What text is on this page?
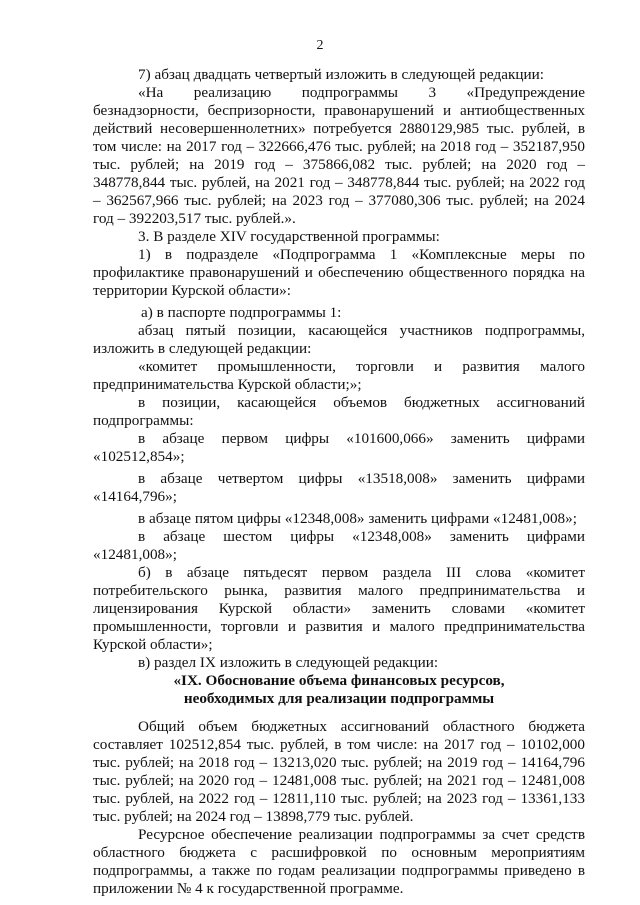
2

7) абзац двадцать четвертый изложить в следующей редакции:

«На реализацию подпрограммы 3 «Предупреждение безнадзорности, беспризорности, правонарушений и антиобщественных действий несовершеннолетних» потребуется 2880129,985 тыс. рублей, в том числе: на 2017 год – 322666,476 тыс. рублей; на 2018 год – 352187,950 тыс. рублей; на 2019 год – 375866,082 тыс. рублей; на 2020 год – 348778,844 тыс. рублей, на 2021 год – 348778,844 тыс. рублей; на 2022 год – 362567,966 тыс. рублей; на 2023 год – 377080,306 тыс. рублей; на 2024 год – 392203,517 тыс. рублей.».

3. В разделе XIV государственной программы:

1) в подразделе «Подпрограмма 1 «Комплексные меры по профилактике правонарушений и обеспечению общественного порядка на территории Курской области»:

а) в паспорте подпрограммы 1:

абзац пятый позиции, касающейся участников подпрограммы, изложить в следующей редакции:

«комитет промышленности, торговли и развития малого предпринимательства Курской области;»;

в позиции, касающейся объемов бюджетных ассигнований подпрограммы:

в абзаце первом цифры «101600,066» заменить цифрами «102512,854»;

в абзаце четвертом цифры «13518,008» заменить цифрами «14164,796»;

в абзаце пятом цифры «12348,008» заменить цифрами «12481,008»;

в абзаце шестом цифры «12348,008» заменить цифрами «12481,008»;

б) в абзаце пятьдесят первом раздела III слова «комитет потребительского рынка, развития малого предпринимательства и лицензирования Курской области» заменить словами «комитет промышленности, торговли и развития и малого предпринимательства Курской области»;

в) раздел IX изложить в следующей редакции:

«IX. Обоснование объема финансовых ресурсов,
необходимых для реализации подпрограммы

Общий объем бюджетных ассигнований областного бюджета составляет 102512,854 тыс. рублей, в том числе: на 2017 год – 10102,000 тыс. рублей; на 2018 год – 13213,020 тыс. рублей; на 2019 год – 14164,796 тыс. рублей; на 2020 год – 12481,008 тыс. рублей; на 2021 год – 12481,008 тыс. рублей, на 2022 год – 12811,110 тыс. рублей; на 2023 год – 13361,133 тыс. рублей; на 2024 год – 13898,779 тыс. рублей.

Ресурсное обеспечение реализации подпрограммы за счет средств областного бюджета с расшифровкой по основным мероприятиям подпрограммы, а также по годам реализации подпрограммы приведено в приложении № 4 к государственной программе.
